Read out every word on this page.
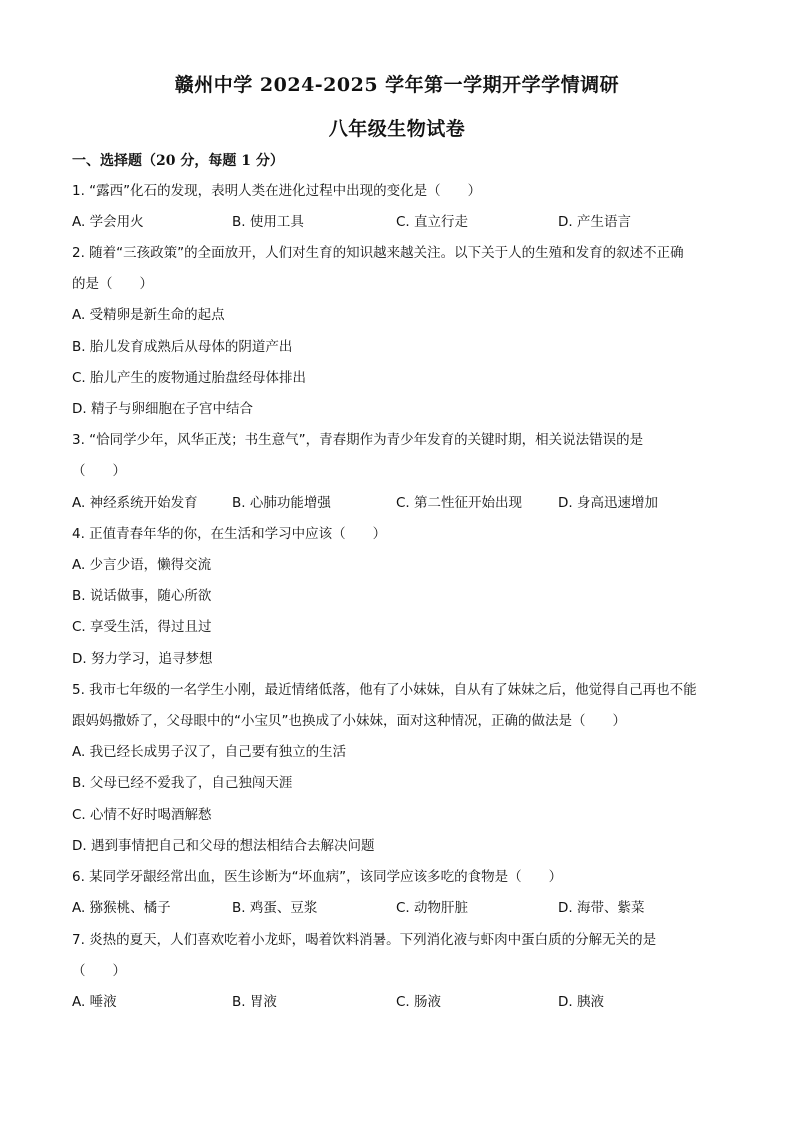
赣州中学 2024-2025 学年第一学期开学学情调研
八年级生物试卷
一、选择题（20 分，每题 1 分）
1. “露西”化石的发现，表明人类在进化过程中出现的变化是（　　）
A. 学会用火	B. 使用工具	C. 直立行走	D. 产生语言
2. 随着“三孩政策”的全面放开，人们对生育的知识越来越关注。以下关于人的生殖和发育的叙述不正确
的是（　　）
A. 受精卵是新生命的起点
B. 胎儿发育成熟后从母体的阴道产出
C. 胎儿产生的废物通过胎盘经母体排出
D. 精子与卵细胞在子宫中结合
3. “恰同学少年，风华正茂；书生意气”，青春期作为青少年发育的关键时期，相关说法错误的是
（　　）
A. 神经系统开始发育	B. 心肺功能增强	C. 第二性征开始出现	D. 身高迅速增加
4. 正值青春年华的你，在生活和学习中应该（　　）
A. 少言少语，懒得交流
B. 说话做事，随心所欲
C. 享受生活，得过且过
D. 努力学习，追寻梦想
5. 我市七年级的一名学生小刚，最近情绪低落，他有了小妹妹，自从有了妹妹之后，他觉得自己再也不能
跟妈妈撒娇了，父母眼中的“小宝贝”也换成了小妹妹，面对这种情况，正确的做法是（　　）
A. 我已经长成男子汉了，自己要有独立的生活
B. 父母已经不爱我了，自己独闯天涯
C. 心情不好时喝酒解愁
D. 遇到事情把自己和父母的想法相结合去解决问题
6. 某同学牙龈经常出血，医生诊断为“坏血病”，该同学应该多吃的食物是（　　）
A. 猕猴桃、橘子	B. 鸡蛋、豆浆	C. 动物肝脏	D. 海带、紫菜
7. 炎热的夏天，人们喜欢吃着小龙虾，喝着饮料消暑。下列消化液与虾肉中蛋白质的分解无关的是
（　　）
A. 唾液	B. 胃液	C. 肠液	D. 胰液
